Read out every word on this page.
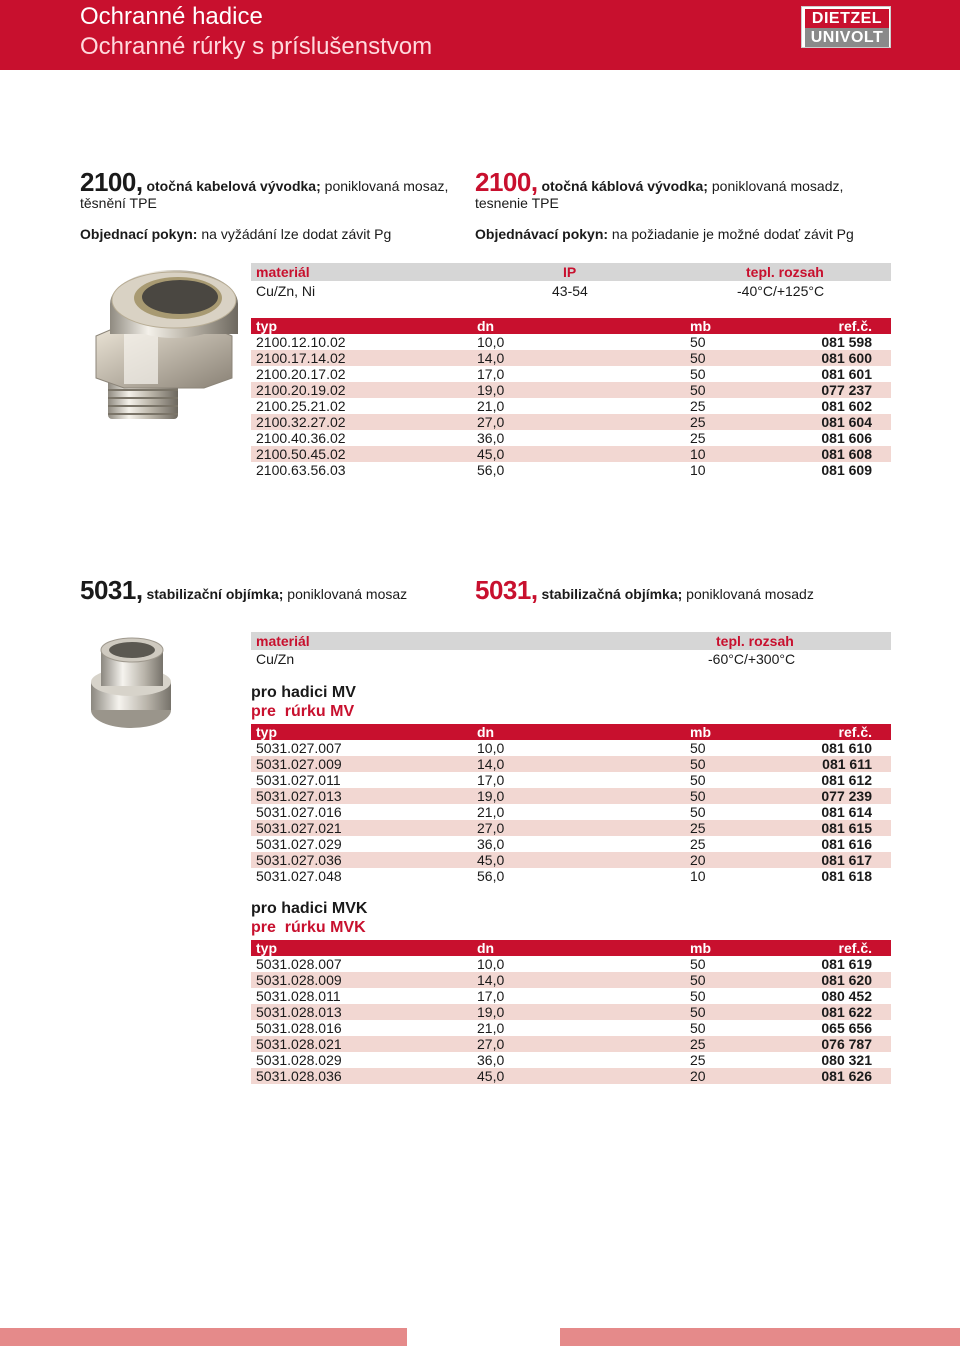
Ochranné hadice
Ochranné rúrky s príslušenstvom
DIETZEL
UNIVOLT
2100, otočná kabelová vývodka; poniklovaná mosaz,
těsnění TPE
Objednací pokyn: na vyžádání lze dodat závit Pg
2100, otočná káblová vývodka; poniklovaná mosadz,
tesnenie TPE
Objednávací pokyn: na požiadanie je možné dodať závit Pg
materiál	IP	tepl. rozsah
Cu/Zn, Ni	43-54	-40°C/+125°C
typ	dn	mb	ref.č.
2100.12.10.02	10,0	50	081 598
2100.17.14.02	14,0	50	081 600
2100.20.17.02	17,0	50	081 601
2100.20.19.02	19,0	50	077 237
2100.25.21.02	21,0	25	081 602
2100.32.27.02	27,0	25	081 604
2100.40.36.02	36,0	25	081 606
2100.50.45.02	45,0	10	081 608
2100.63.56.03	56,0	10	081 609
5031, stabilizační objímka; poniklovaná mosaz	5031, stabilizačná objímka; poniklovaná mosadz
materiál	tepl. rozsah
Cu/Zn	-60°C/+300°C
pro hadici MV
pre  rúrku MV
typ	dn	mb	ref.č.
5031.027.007	10,0	50	081 610
5031.027.009	14,0	50	081 611
5031.027.011	17,0	50	081 612
5031.027.013	19,0	50	077 239
5031.027.016	21,0	50	081 614
5031.027.021	27,0	25	081 615
5031.027.029	36,0	25	081 616
5031.027.036	45,0	20	081 617
5031.027.048	56,0	10	081 618
pro hadici MVK
pre  rúrku MVK
typ	dn	mb	ref.č.
5031.028.007	10,0	50	081 619
5031.028.009	14,0	50	081 620
5031.028.011	17,0	50	080 452
5031.028.013	19,0	50	081 622
5031.028.016	21,0	50	065 656
5031.028.021	27,0	25	076 787
5031.028.029	36,0	25	080 321
5031.028.036	45,0	20	081 626
